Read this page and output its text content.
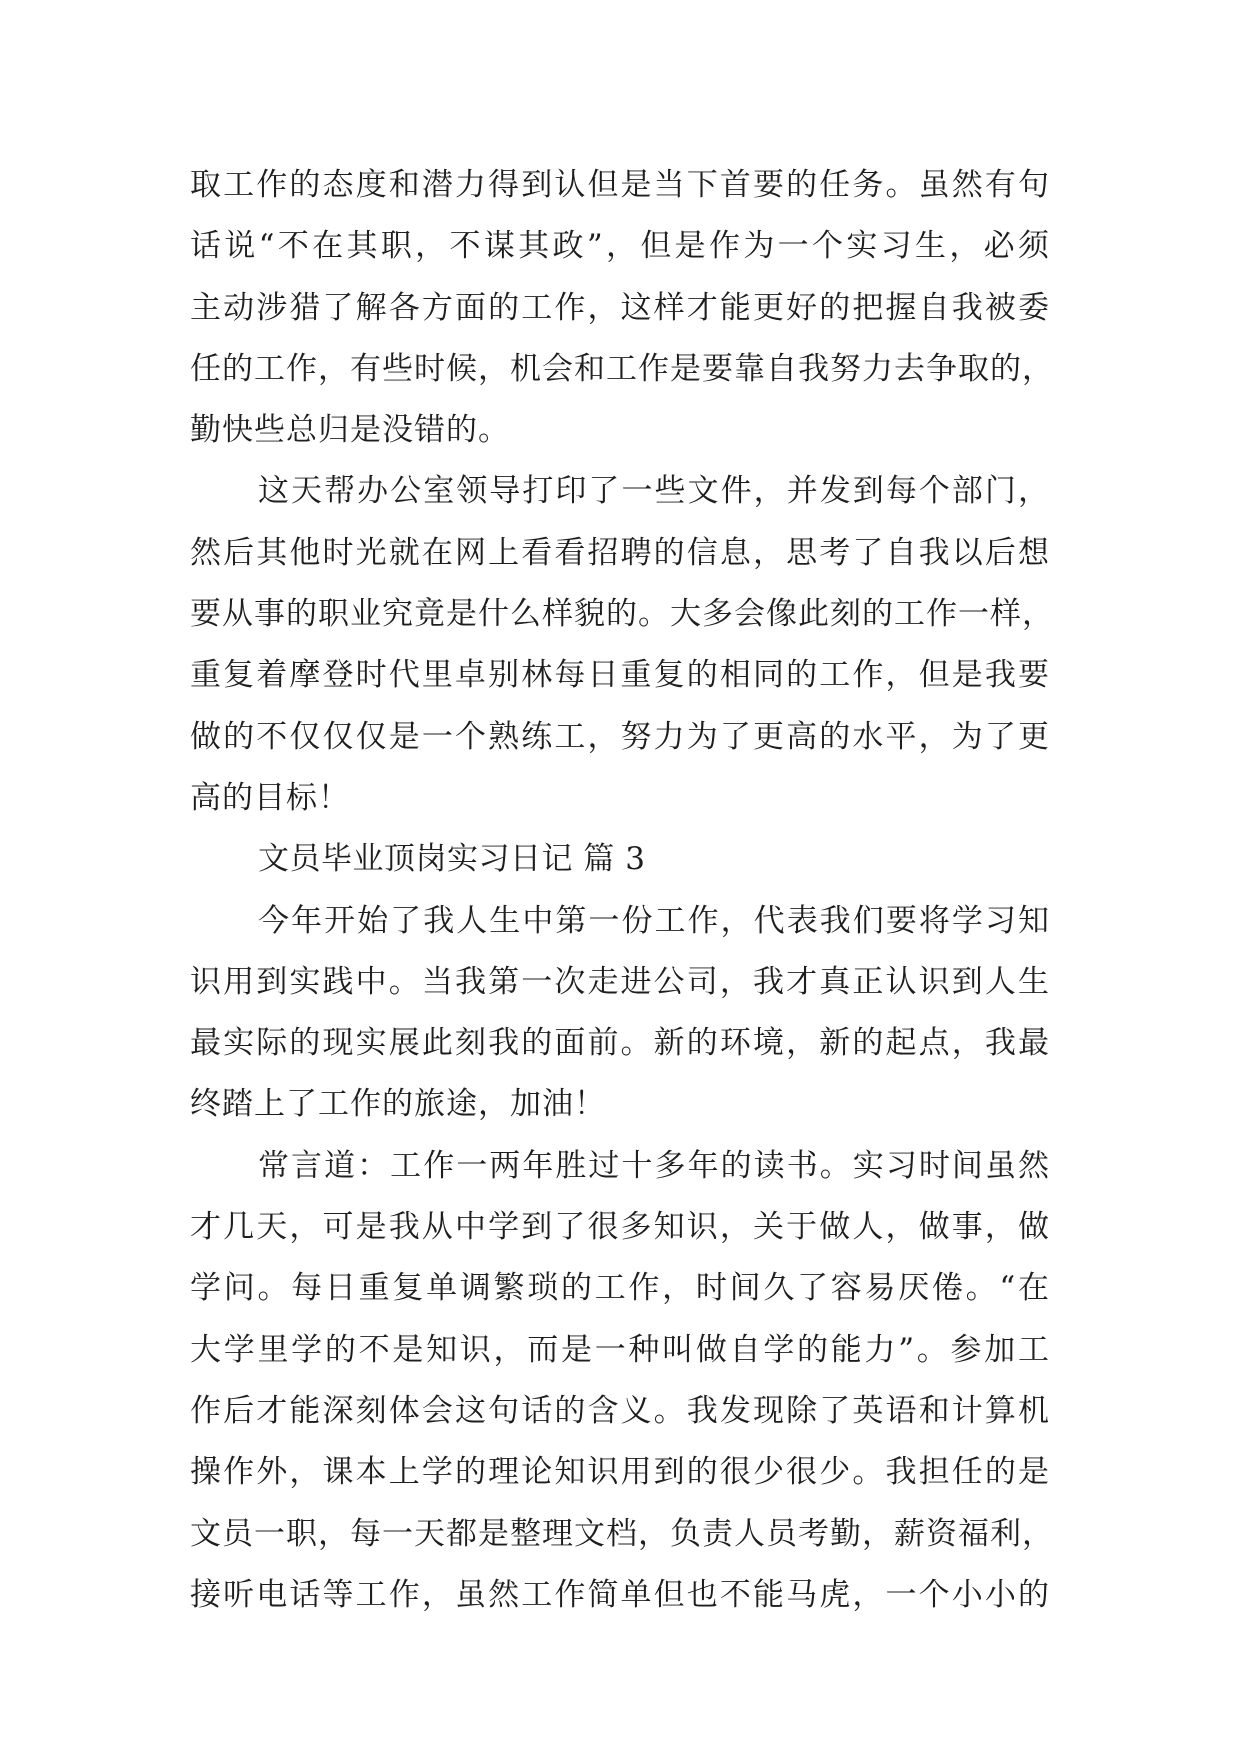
取工作的态度和潜力得到认但是当下首要的任务。虽然有句
话说“不在其职，不谋其政”，但是作为一个实习生，必须
主动涉猎了解各方面的工作，这样才能更好的把握自我被委
任的工作，有些时候，机会和工作是要靠自我努力去争取的，
勤快些总归是没错的。
这天帮办公室领导打印了一些文件，并发到每个部门，
然后其他时光就在网上看看招聘的信息，思考了自我以后想
要从事的职业究竟是什么样貌的。大多会像此刻的工作一样，
重复着摩登时代里卓别林每日重复的相同的工作，但是我要
做的不仅仅仅是一个熟练工，努力为了更高的水平，为了更
高的目标！
文员毕业顶岗实习日记 篇 3
今年开始了我人生中第一份工作，代表我们要将学习知
识用到实践中。当我第一次走进公司，我才真正认识到人生
最实际的现实展此刻我的面前。新的环境，新的起点，我最
终踏上了工作的旅途，加油！
常言道：工作一两年胜过十多年的读书。实习时间虽然
才几天，可是我从中学到了很多知识，关于做人，做事，做
学问。每日重复单调繁琐的工作，时间久了容易厌倦。“在
大学里学的不是知识，而是一种叫做自学的能力”。参加工
作后才能深刻体会这句话的含义。我发现除了英语和计算机
操作外，课本上学的理论知识用到的很少很少。我担任的是
文员一职，每一天都是整理文档，负责人员考勤，薪资福利，
接听电话等工作，虽然工作简单但也不能马虎，一个小小的
